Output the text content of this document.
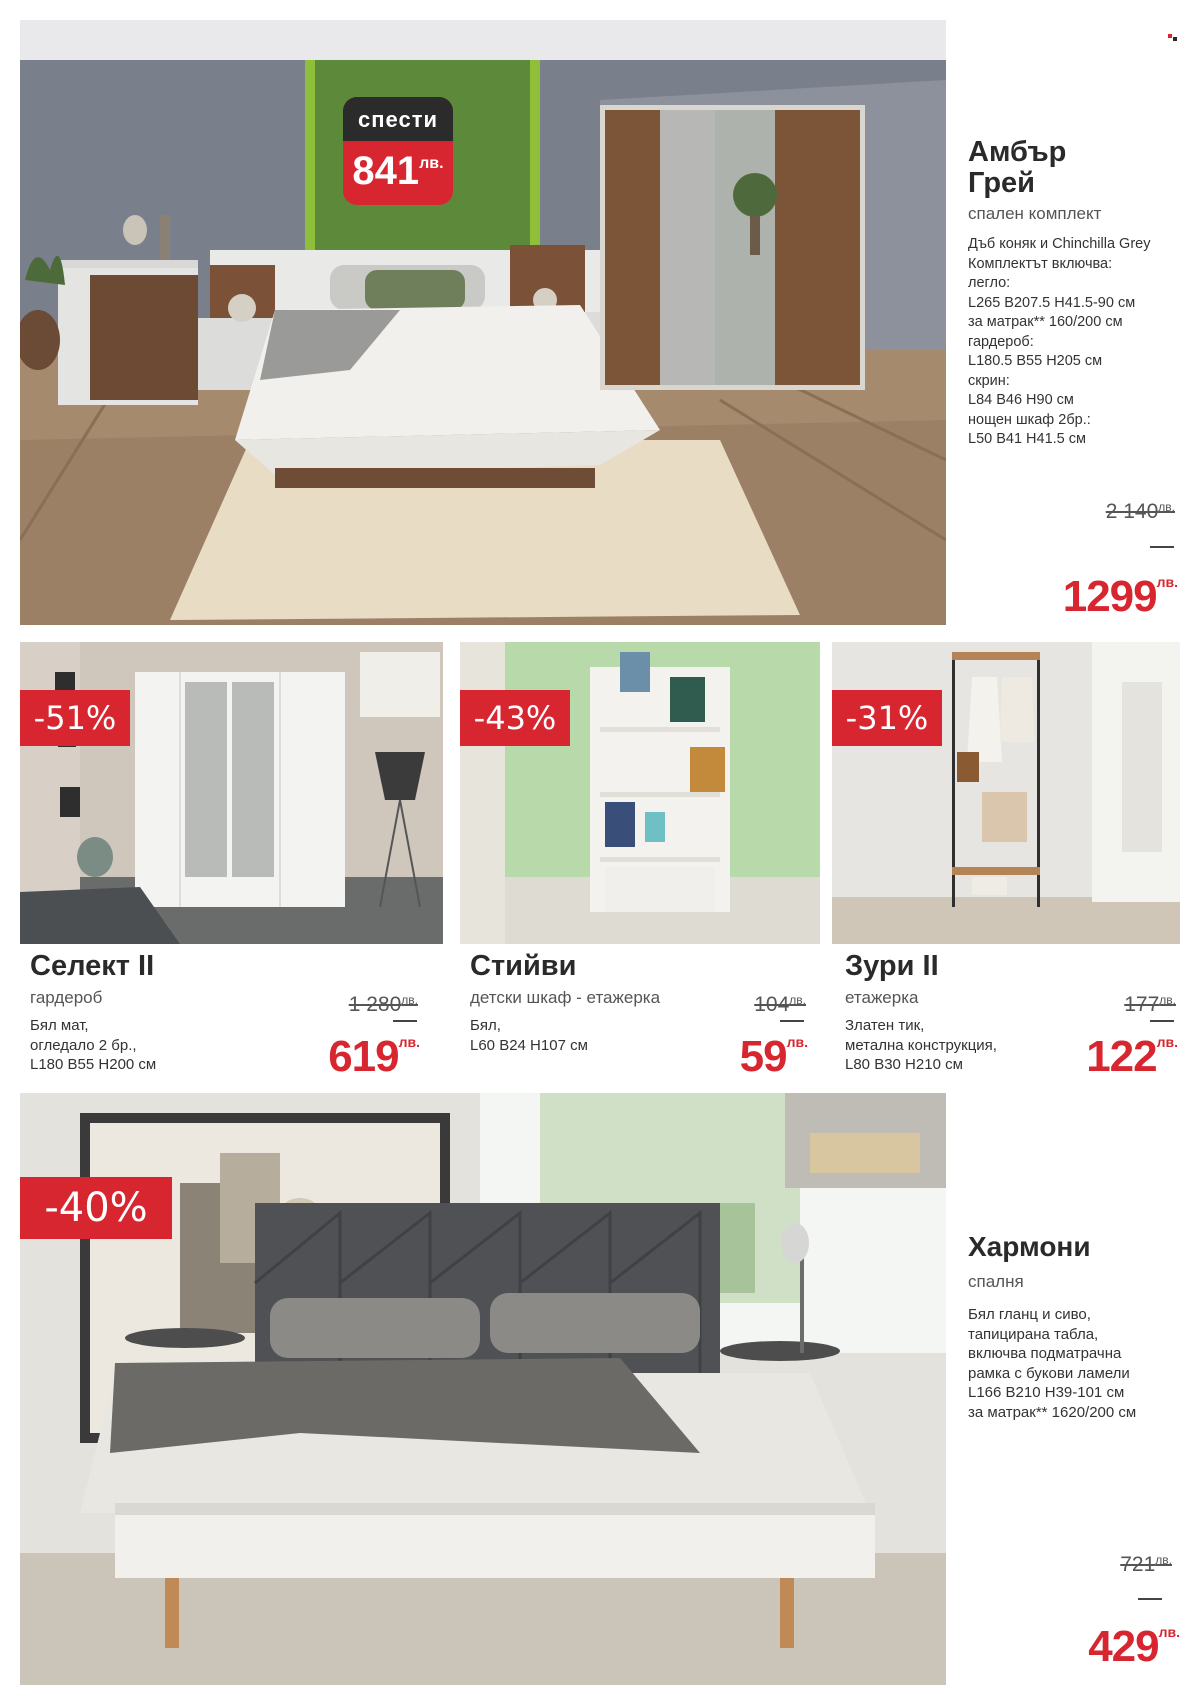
спести
$841^{лв.}$	Амбър
Грей
спален комплект
Дъб коняк и Chinchilla Grey
Комплектът включва:
легло:
L265 B207.5 H41.5-90 см
за матрак** 160/200 см
гардероб:
L180.5 B55 H205 см
скрин:
L84 B46 H90 см
нощен шкаф 2бр.:
L50 B41 H41.5 см
2 $140^{лв.}$
$1299^{лв.}$
-51%	-43%	-31%
Селект II
гардероб
Бял мат,
огледало 2 бр.,
L180 B55 H200 см
1 $280^{лв.}$
$619^{лв.}$
Стийви
детски шкаф - етажерка
Бял,
L60 B24 H107 см
$104^{лв.}$
$59^{лв.}$
Зури II
етажерка
Златен тик,
метална конструкция,
L80 B30 H210 см
$177^{лв.}$
$122^{лв.}$
-40%
Хармони
спалня
Бял гланц и сиво,
тапицирана табла,
включва подматрачна
рамка с букови ламели
L166 B210 H39-101 см
за матрак** 1620/200 см
$721^{лв.}$
$429^{лв.}$
